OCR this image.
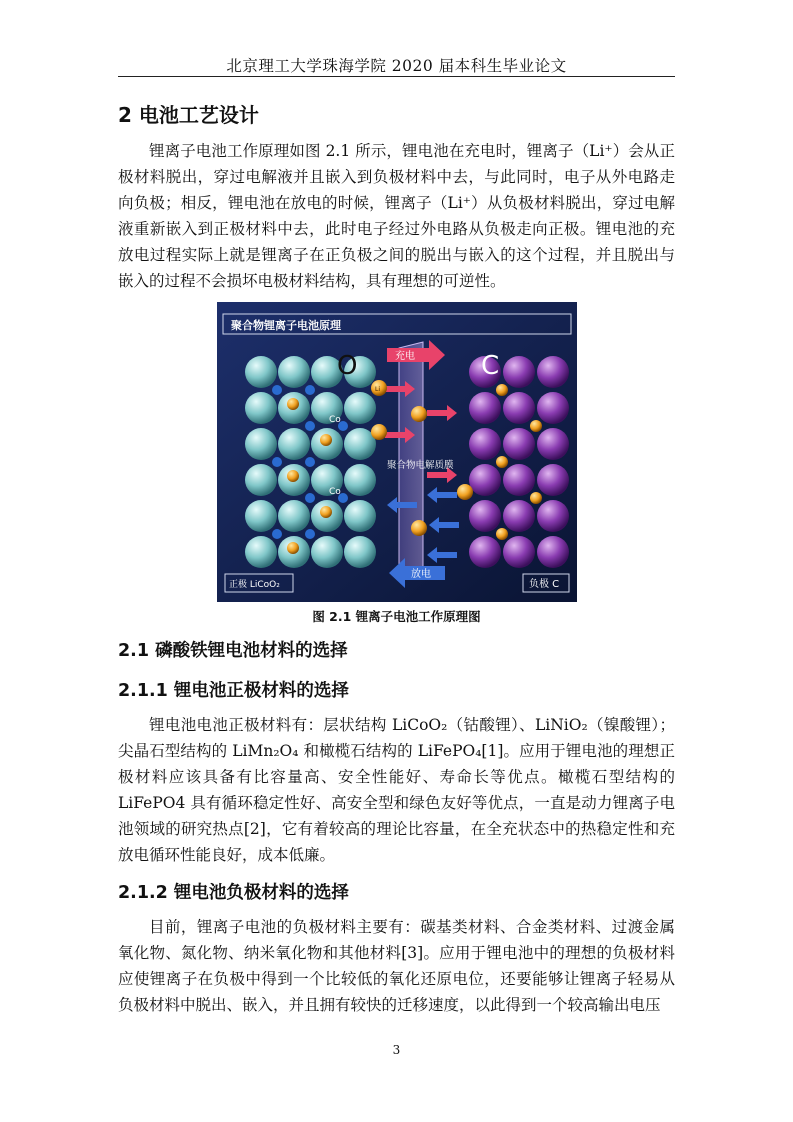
北京理工大学珠海学院 2020 届本科生毕业论文
2 电池工艺设计

锂离子电池工作原理如图 2.1 所示，锂电池在充电时，锂离子（Li⁺）会从正极材料脱出，穿过电解液并且嵌入到负极材料中去，与此同时，电子从外电路走向负极；相反，锂电池在放电的时候，锂离子（Li⁺）从负极材料脱出，穿过电解液重新嵌入到正极材料中去，此时电子经过外电路从负极走向正极。锂电池的充放电过程实际上就是锂离子在正负极之间的脱出与嵌入的这个过程，并且脱出与嵌入的过程不会损坏电极材料结构，具有理想的可逆性。

聚合物锂离子电池原理
充电
放电
聚合物电解质膜
Li
O	C
Co
Co
正极 LiCoO₂	负极 C
图 2.1 锂离子电池工作原理图
2.1 磷酸铁锂电池材料的选择
2.1.1 锂电池正极材料的选择

锂电池电池正极材料有：层状结构 LiCoO₂（钴酸锂）、LiNiO₂（镍酸锂）；尖晶石型结构的 LiMn₂O₄ 和橄榄石结构的 LiFePO₄[1]。应用于锂电池的理想正极材料应该具备有比容量高、安全性能好、寿命长等优点。橄榄石型结构的 LiFePO4 具有循环稳定性好、高安全型和绿色友好等优点，一直是动力锂离子电池领域的研究热点[2]，它有着较高的理论比容量，在全充状态中的热稳定性和充放电循环性能良好，成本低廉。

2.1.2 锂电池负极材料的选择

目前，锂离子电池的负极材料主要有：碳基类材料、合金类材料、过渡金属氧化物、氮化物、纳米氧化物和其他材料[3]。应用于锂电池中的理想的负极材料应使锂离子在负极中得到一个比较低的氧化还原电位，还要能够让锂离子轻易从负极材料中脱出、嵌入，并且拥有较快的迁移速度，以此得到一个较高输出电压

3
